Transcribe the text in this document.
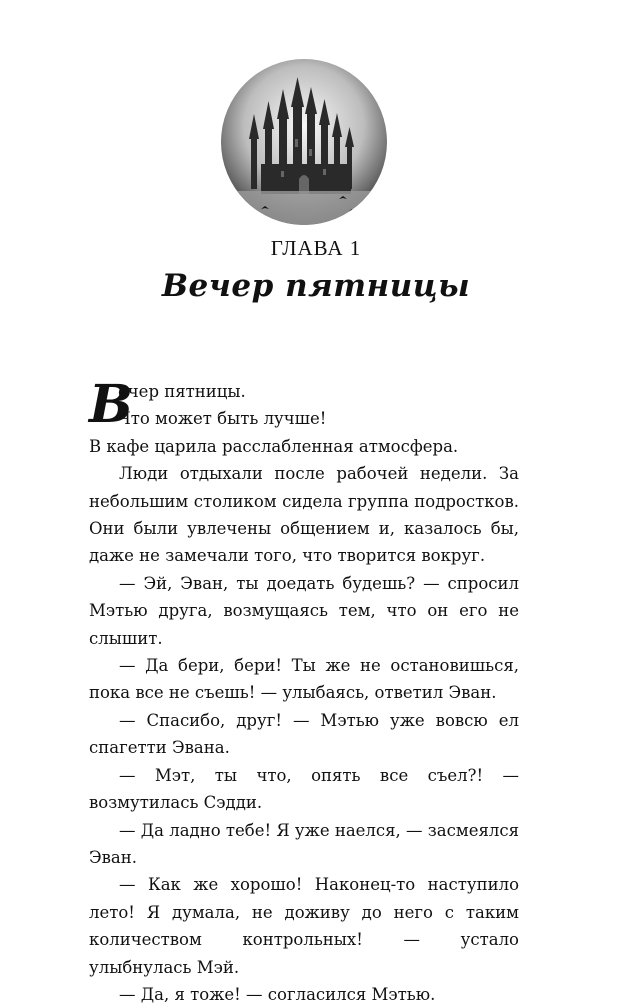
ГЛАВА 1
Вечер пятницы
В
ечер пятницы.
Что может быть лучше!

В кафе царила расслабленная атмосфера.

Люди отдыхали после рабочей недели. За небольшим столиком сидела группа подростков. Они были увлечены общением и, казалось бы, даже не замечали того, что творится вокруг.

— Эй, Эван, ты доедать будешь? — спросил Мэтью друга, возмущаясь тем, что он его не слышит.

— Да бери, бери! Ты же не остановишься, пока все не съешь! — улыбаясь, ответил Эван.

— Спасибо, друг! — Мэтью уже вовсю ел спагетти Эвана.

— Мэт, ты что, опять все съел?! — возмутилась Сэдди.

— Да ладно тебе! Я уже наелся, — засмеялся Эван.

— Как же хорошо! Наконец-то наступило лето! Я думала, не доживу до него с таким количеством контрольных! — устало улыбнулась Мэй.

— Да, я тоже! — согласился Мэтью.
